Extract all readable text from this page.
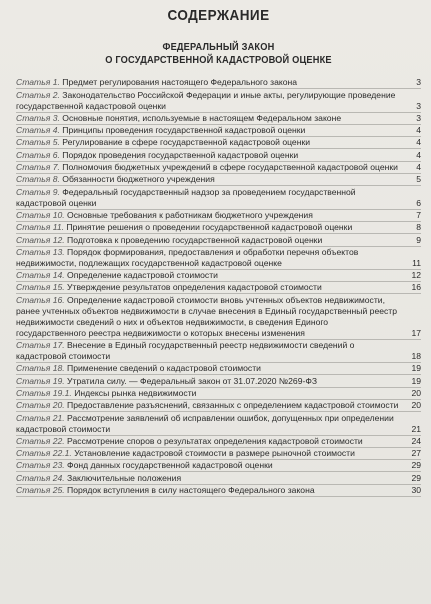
СОДЕРЖАНИЕ
ФЕДЕРАЛЬНЫЙ ЗАКОН
О ГОСУДАРСТВЕННОЙ КАДАСТРОВОЙ ОЦЕНКЕ
Статья 1. Предмет регулирования настоящего Федерального закона	3
Статья 2. Законодательство Российской Федерации и иные акты, регулирующие проведение государственной кадастровой оценки	3
Статья 3. Основные понятия, используемые в настоящем Федеральном законе	3
Статья 4. Принципы проведения государственной кадастровой оценки	4
Статья 5. Регулирование в сфере государственной кадастровой оценки	4
Статья 6. Порядок проведения государственной кадастровой оценки	4
Статья 7. Полномочия бюджетных учреждений в сфере государственной кадастровой оценки	4
Статья 8. Обязанности бюджетного учреждения	5
Статья 9. Федеральный государственный надзор за проведением государственной кадастровой оценки	6
Статья 10. Основные требования к работникам бюджетного учреждения	7
Статья 11. Принятие решения о проведении государственной кадастровой оценки	8
Статья 12. Подготовка к проведению государственной кадастровой оценки	9
Статья 13. Порядок формирования, предоставления и обработки перечня объектов недвижимости, подлежащих государственной кадастровой оценке	11
Статья 14. Определение кадастровой стоимости	12
Статья 15. Утверждение результатов определения кадастровой стоимости	16
Статья 16. Определение кадастровой стоимости вновь учтенных объектов недвижимости, ранее учтенных объектов недвижимости в случае внесения в Единый государственный реестр недвижимости сведений о них и объектов недвижимости, в сведения Единого государственного реестра недвижимости о которых внесены изменения	17
Статья 17. Внесение в Единый государственный реестр недвижимости сведений о кадастровой стоимости	18
Статья 18. Применение сведений о кадастровой стоимости	19
Статья 19. Утратила силу. — Федеральный закон от 31.07.2020 №269-ФЗ	19
Статья 19.1. Индексы рынка недвижимости	20
Статья 20. Предоставление разъяснений, связанных с определением кадастровой стоимости	20
Статья 21. Рассмотрение заявлений об исправлении ошибок, допущенных при определении кадастровой стоимости	21
Статья 22. Рассмотрение споров о результатах определения кадастровой стоимости	24
Статья 22.1. Установление кадастровой стоимости в размере рыночной стоимости	27
Статья 23. Фонд данных государственной кадастровой оценки	29
Статья 24. Заключительные положения	29
Статья 25. Порядок вступления в силу настоящего Федерального закона	30
